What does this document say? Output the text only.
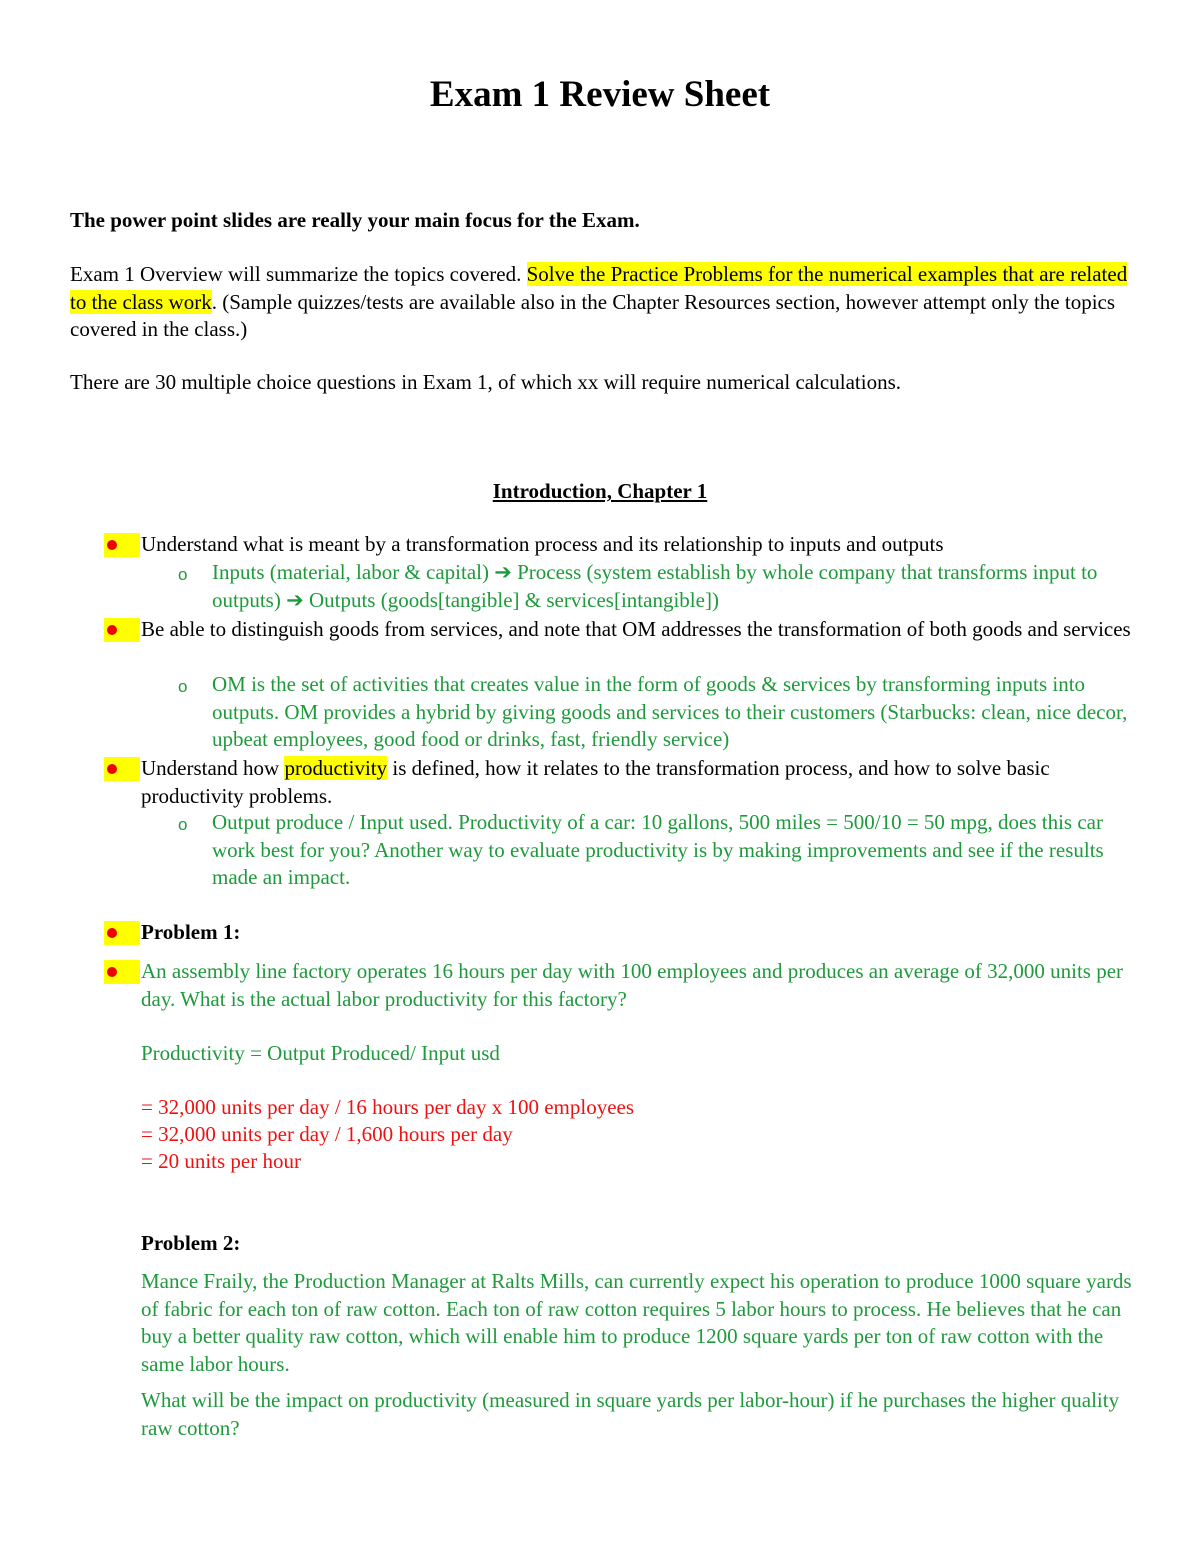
Exam 1 Review Sheet

The power point slides are really your main focus for the Exam.

Exam 1 Overview will summarize the topics covered. Solve the Practice Problems for the numerical examples that are related to the class work. (Sample quizzes/tests are available also in the Chapter Resources section, however attempt only the topics covered in the class.)

There are 30 multiple choice questions in Exam 1, of which xx will require numerical calculations.

Introduction, Chapter 1

Understand what is meant by a transformation process and its relationship to inputs and outputs

o Inputs (material, labor & capital) ➔ Process (system establish by whole company that transforms input to outputs) ➔ Outputs (goods[tangible] & services[intangible])

Be able to distinguish goods from services, and note that OM addresses the transformation of both goods and services

o OM is the set of activities that creates value in the form of goods & services by transforming inputs into outputs. OM provides a hybrid by giving goods and services to their customers (Starbucks: clean, nice decor, upbeat employees, good food or drinks, fast, friendly service)

Understand how productivity is defined, how it relates to the transformation process, and how to solve basic productivity problems.

o Output produce / Input used. Productivity of a car: 10 gallons, 500 miles = 500/10 = 50 mpg, does this car work best for you? Another way to evaluate productivity is by making improvements and see if the results made an impact.

Problem 1:

An assembly line factory operates 16 hours per day with 100 employees and produces an average of 32,000 units per day. What is the actual labor productivity for this factory?

Productivity = Output Produced/ Input usd

= 32,000 units per day / 16 hours per day x 100 employees

= 32,000 units per day / 1,600 hours per day

= 20 units per hour

Problem 2:

Mance Fraily, the Production Manager at Ralts Mills, can currently expect his operation to produce 1000 square yards of fabric for each ton of raw cotton. Each ton of raw cotton requires 5 labor hours to process. He believes that he can buy a better quality raw cotton, which will enable him to produce 1200 square yards per ton of raw cotton with the same labor hours.

What will be the impact on productivity (measured in square yards per labor-hour) if he purchases the higher quality raw cotton?
